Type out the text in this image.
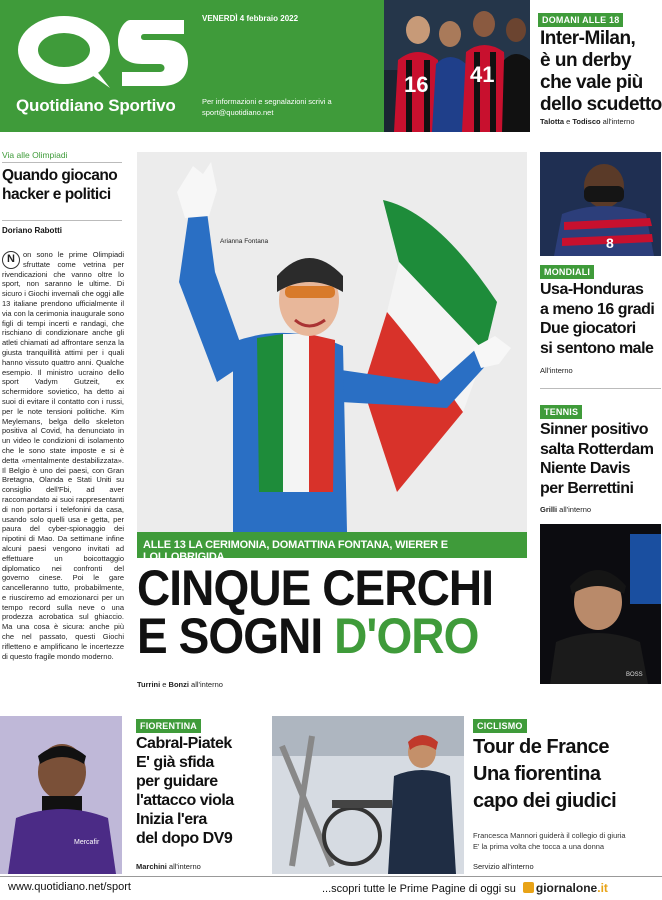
Quotidiano Sportivo
VENERDÌ 4 febbraio 2022
Per informazioni e segnalazioni scrivi a sport@quotidiano.net
16 41
DOMANI ALLE 18
Inter-Milan,
è un derby
che vale più
dello scudetto
Talotta e Todisco all'interno
Via alle Olimpiadi
Quando giocano
hacker e politici
Doriano Rabotti
N	on sono le prime Olimpiadi sfruttate come vetrina per rivendicazioni che vanno oltre lo sport, non saranno le ultime. Di sicuro i Giochi invernali che oggi alle 13 italiane prendono ufficialmente il via con la cerimonia inaugurale sono figli di tempi incerti e randagi, che rischiano di condizionare anche gli atleti chiamati ad affrontare senza la giusta tranquillità attimi per i quali hanno vissuto quattro anni. Qualche esempio. Il ministro ucraino dello sport Vadym Gutzeit, ex schermidore sovietico, ha detto ai suoi di evitare il contatto con i russi, per le note tensioni politiche. Kim Meylemans, belga dello skeleton positiva al Covid, ha denunciato in un video le condizioni di isolamento che le sono state imposte e si è detta «mentalmente destabilizzata». Il Belgio è uno dei paesi, con Gran Bretagna, Olanda e Stati Uniti su consiglio dell'Fbi, ad aver raccomandato ai suoi rappresentanti di non portarsi i telefonini da casa, usando solo quelli usa e getta, per paura del cyber-spionaggio dei nipotini di Mao. Da settimane infine alcuni paesi vengono invitati ad effettuare un boicottaggio diplomatico nei confronti del governo cinese. Poi le gare cancelleranno tutto, probabilmente, e riusciremo ad emozionarci per un tempo record sulla neve o una prodezza acrobatica sul ghiaccio. Ma una cosa è sicura: anche più che nel passato, questi Giochi rifletteno e amplificano le incertezze di questo fragile mondo moderno.
Arianna Fontana
ALLE 13 LA CERIMONIA, DOMATTINA FONTANA, WIERER E LOLLOBRIGIDA
CINQUE CERCHI
E SOGNI D'ORO
Turrini e Bonzi all'interno
8
MONDIALI
Usa-Honduras
a meno 16 gradi
Due giocatori
si sentono male
All'interno
TENNIS
Sinner positivo
salta Rotterdam
Niente Davis
per Berrettini
Grilli all'interno
BOSS
Mercafir
FIORENTINA
Cabral-Piatek
E' già sfida
per guidare
l'attacco viola
Inizia l'era
del dopo DV9
Marchini all'interno
CICLISMO
Tour de France
Una fiorentina
capo dei giudici
Francesca Mannori guiderà il collegio di giuria
E' la prima volta che tocca a una donna
Servizio all'interno
www.quotidiano.net/sport	...scopri tutte le Prime Pagine di oggi su giornalone.it
